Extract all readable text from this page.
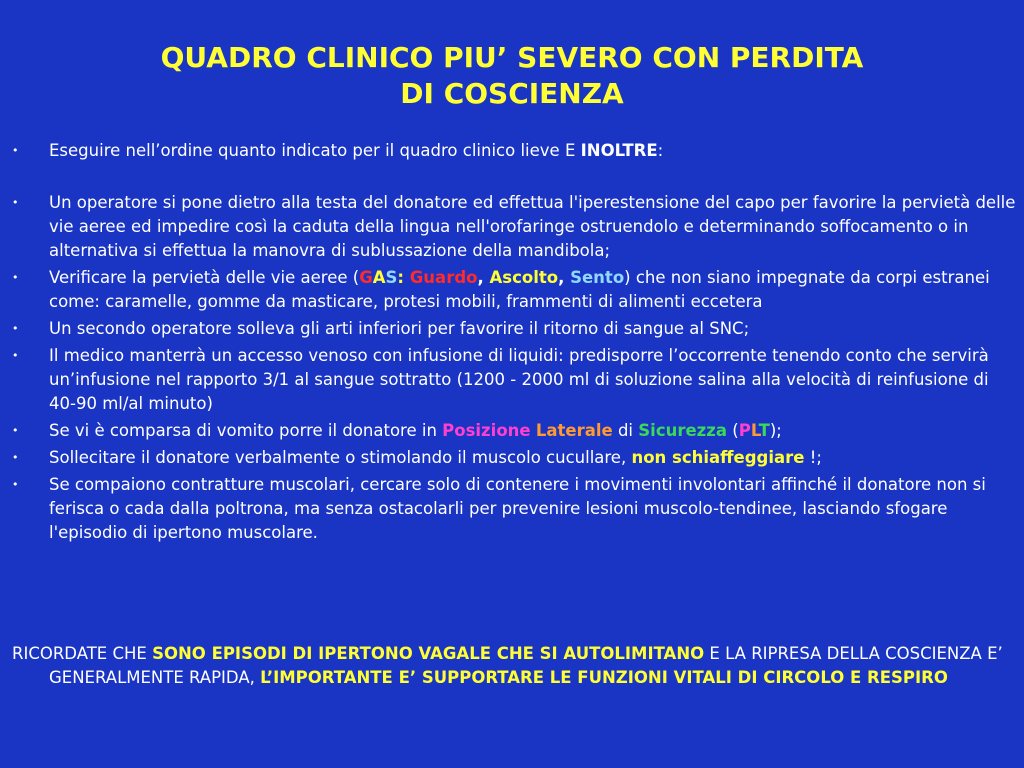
QUADRO CLINICO PIU’ SEVERO CON PERDITA
DI COSCIENZA
•	Eseguire nell’ordine quanto indicato per il quadro clinico lieve E INOLTRE:
•	Un operatore si pone dietro alla testa del donatore ed effettua l'iperestensione del capo per favorire la pervietà delle vie aeree ed impedire così la caduta della lingua nell'orofaringe ostruendolo e determinando soffocamento o in alternativa si effettua la manovra di sublussazione della mandibola;
•	Verificare la pervietà delle vie aeree (GAS: Guardo, Ascolto, Sento) che non siano impegnate da corpi estranei come: caramelle, gomme da masticare, protesi mobili, frammenti di alimenti eccetera
•	Un secondo operatore solleva gli arti inferiori per favorire il ritorno di sangue al SNC;
•	Il medico manterrà un accesso venoso con infusione di liquidi: predisporre l’occorrente tenendo conto che servirà un’infusione nel rapporto 3/1 al sangue sottratto (1200 - 2000 ml di soluzione salina alla velocità di reinfusione di 40-90 ml/al minuto)
•	Se vi è comparsa di vomito porre il donatore in Posizione Laterale di Sicurezza (PLT);
•	Sollecitare il donatore verbalmente o stimolando il muscolo cucullare, non schiaffeggiare !;
•	Se compaiono contratture muscolari, cercare solo di contenere i movimenti involontari affinché il donatore non si ferisca o cada dalla poltrona, ma senza ostacolarli per prevenire lesioni muscolo-tendinee, lasciando sfogare l'episodio di ipertono muscolare.
RICORDATE CHE SONO EPISODI DI IPERTONO VAGALE CHE SI AUTOLIMITANO E LA RIPRESA DELLA COSCIENZA E’ GENERALMENTE RAPIDA, L’IMPORTANTE E’ SUPPORTARE LE FUNZIONI VITALI DI CIRCOLO E RESPIRO
